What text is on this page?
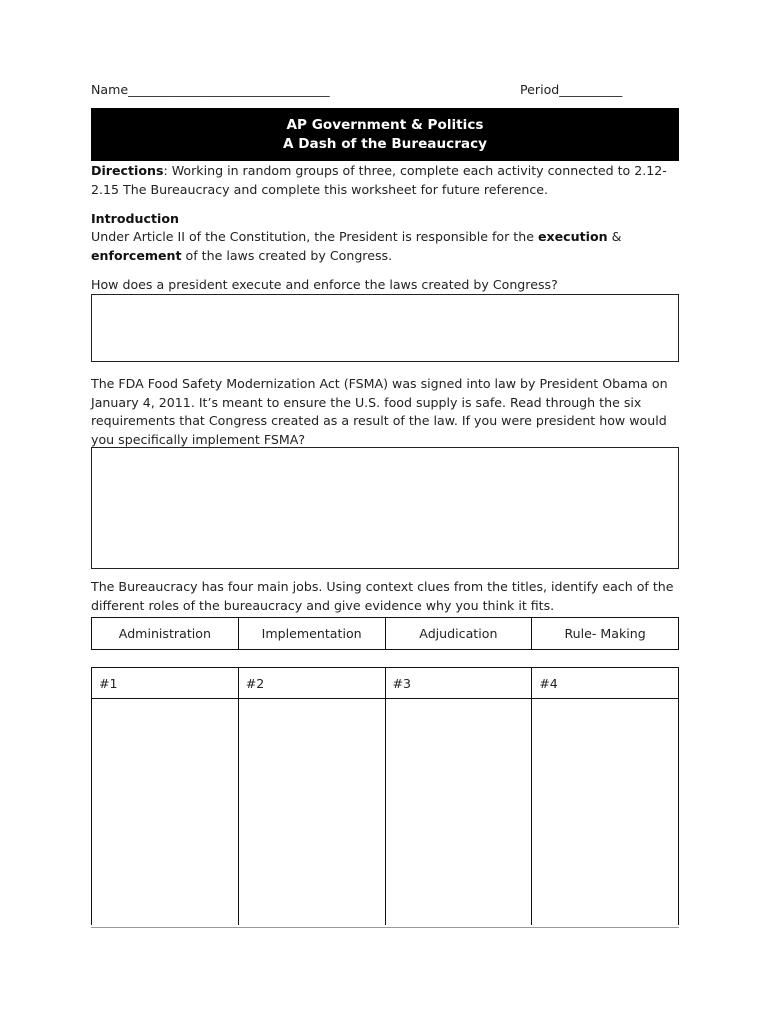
Name________________________________	Period__________
AP Government & Politics
A Dash of the Bureaucracy
Directions: Working in random groups of three, complete each activity connected to 2.12-2.15 The Bureaucracy and complete this worksheet for future reference.
Introduction
Under Article II of the Constitution, the President is responsible for the execution & enforcement of the laws created by Congress.
How does a president execute and enforce the laws created by Congress?
The FDA Food Safety Modernization Act (FSMA) was signed into law by President Obama on January 4, 2011. It’s meant to ensure the U.S. food supply is safe. Read through the six requirements that Congress created as a result of the law. If you were president how would you specifically implement FSMA?
The Bureaucracy has four main jobs. Using context clues from the titles, identify each of the different roles of the bureaucracy and give evidence why you think it fits.
Administration	Implementation	Adjudication	Rule- Making
#1	#2	#3	#4
